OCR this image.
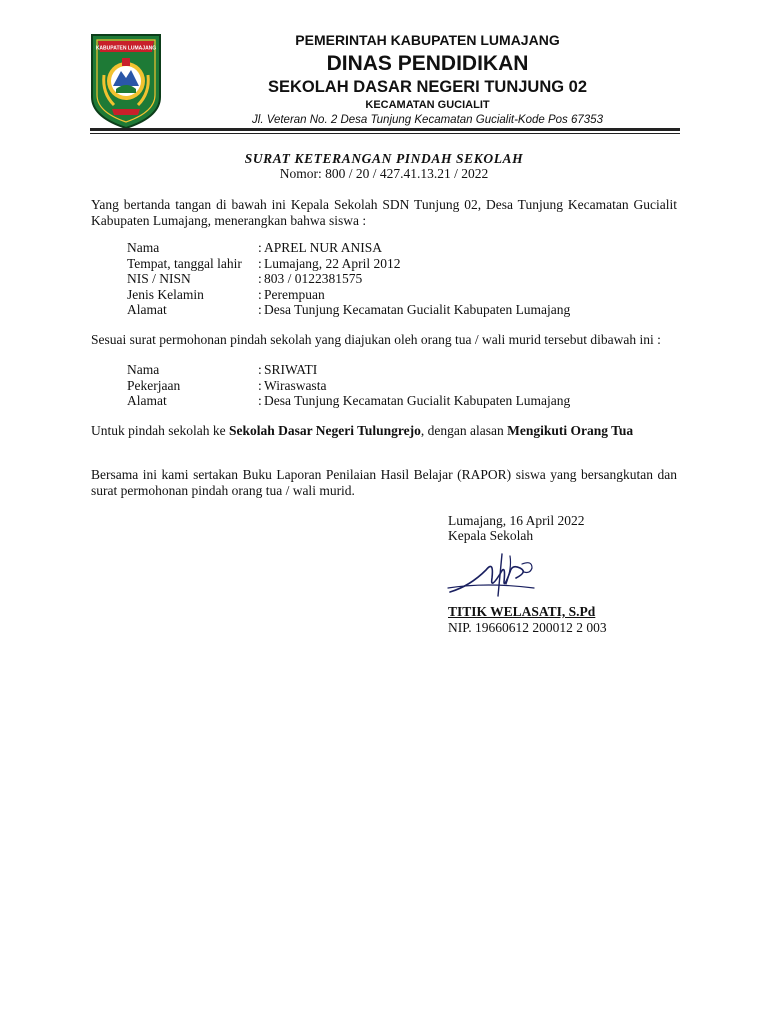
KABUPATEN LUMAJANG
PEMERINTAH KABUPATEN LUMAJANG
DINAS PENDIDIKAN
SEKOLAH DASAR NEGERI TUNJUNG 02
KECAMATAN GUCIALIT
Jl. Veteran No. 2 Desa Tunjung Kecamatan Gucialit-Kode Pos 67353
SURAT KETERANGAN PINDAH SEKOLAH
Nomor: 800 / 20 / 427.41.13.21 / 2022
Yang bertanda tangan di bawah ini Kepala Sekolah SDN Tunjung 02, Desa Tunjung Kecamatan Gucialit Kabupaten Lumajang, menerangkan bahwa siswa :
Nama	: APREL NUR ANISA
Tempat, tanggal lahir	: Lumajang, 22 April 2012
NIS / NISN	: 803 / 0122381575
Jenis Kelamin	: Perempuan
Alamat	: Desa Tunjung Kecamatan Gucialit Kabupaten Lumajang
Sesuai surat permohonan pindah sekolah yang diajukan oleh orang tua / wali murid tersebut dibawah ini :
Nama	: SRIWATI
Pekerjaan	: Wiraswasta
Alamat	: Desa Tunjung Kecamatan Gucialit Kabupaten Lumajang
Untuk pindah sekolah ke Sekolah Dasar Negeri Tulungrejo, dengan alasan Mengikuti Orang Tua
Bersama ini kami sertakan Buku Laporan Penilaian Hasil Belajar (RAPOR) siswa yang bersangkutan dan surat permohonan pindah orang tua / wali murid.
Lumajang, 16 April 2022
Kepala Sekolah
TITIK WELASATI, S.Pd
NIP. 19660612 200012 2 003
